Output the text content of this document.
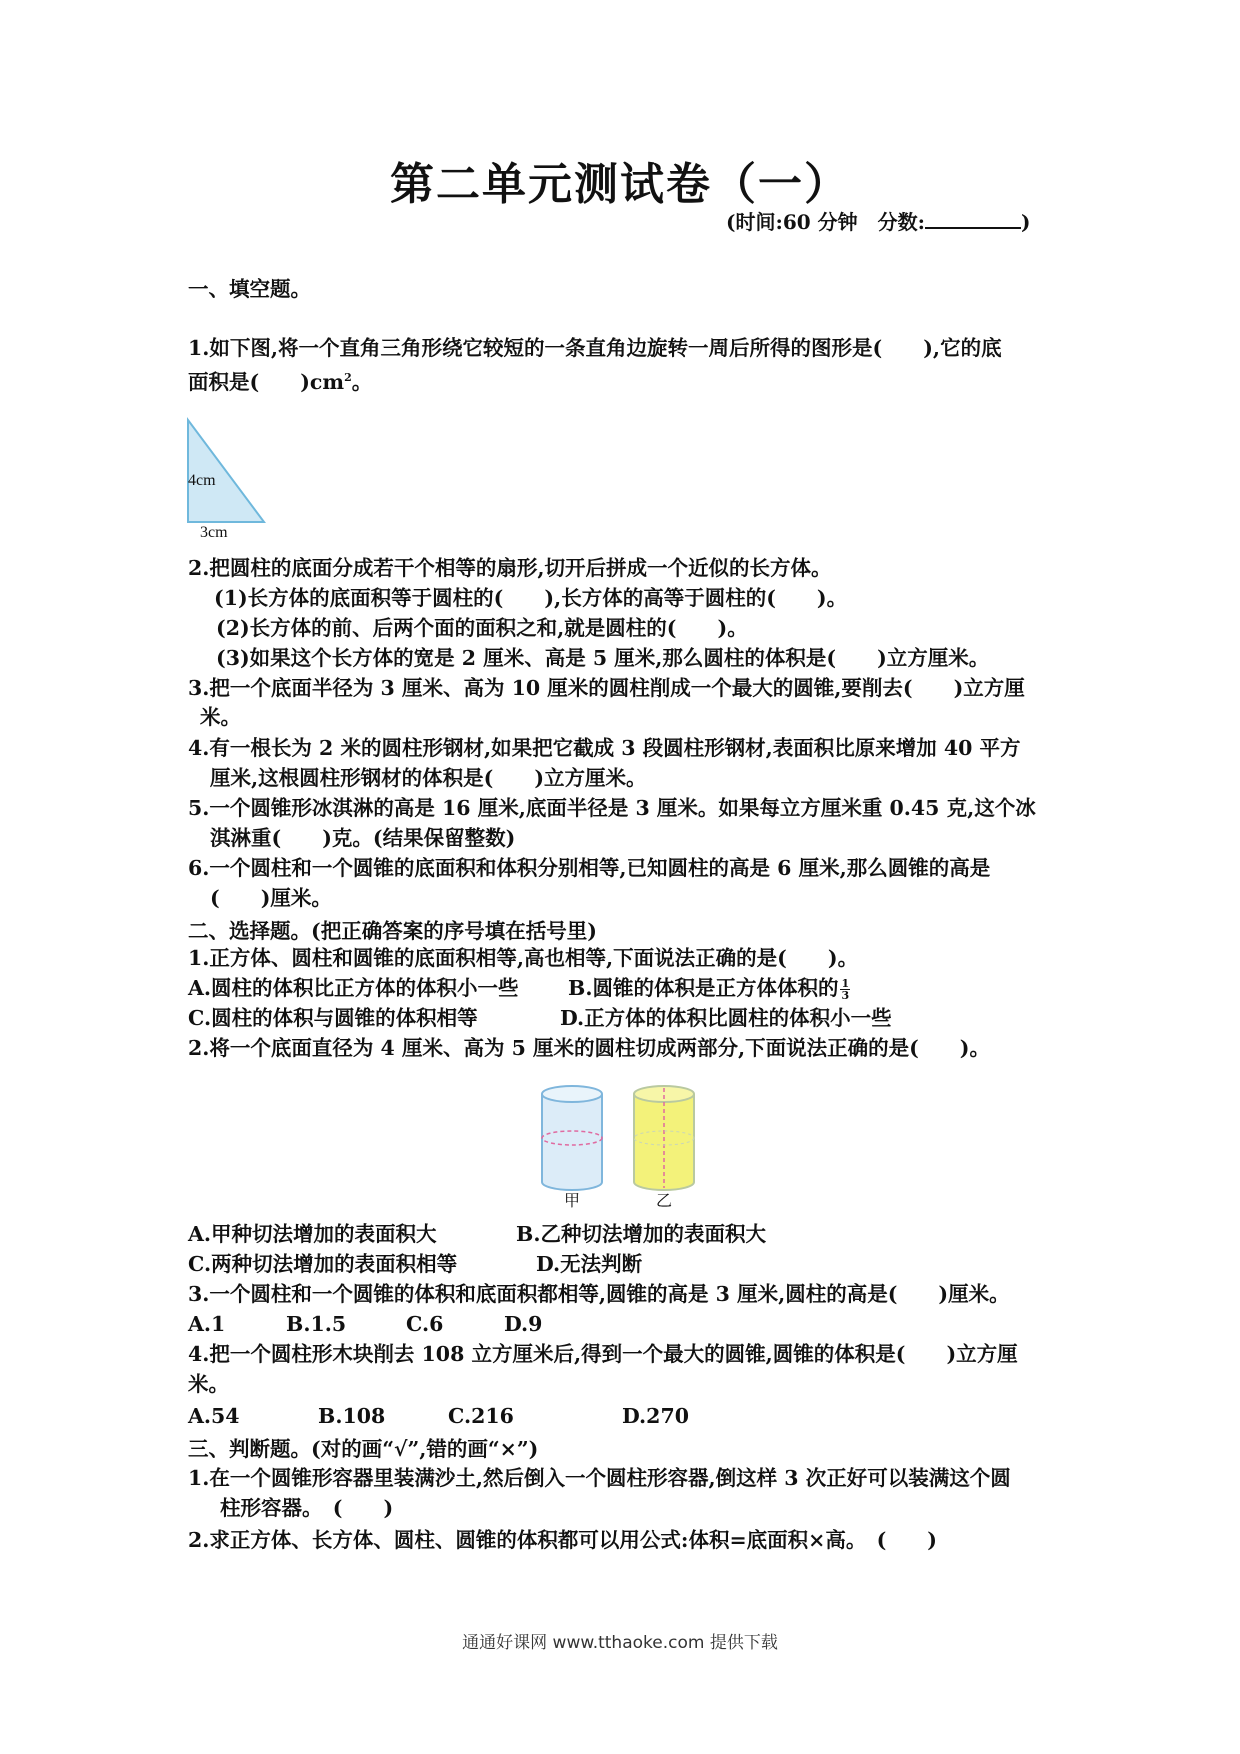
第二单元测试卷（一）
(时间:60 分钟　分数:	)
一、填空题。
1.如下图,将一个直角三角形绕它较短的一条直角边旋转一周后所得的图形是(　　),它的底
面积是(　　)$cm^2$。
4cm
3cm
2.把圆柱的底面分成若干个相等的扇形,切开后拼成一个近似的长方体。
(1)长方体的底面积等于圆柱的(　　),长方体的高等于圆柱的(　　)。
(2)长方体的前、后两个面的面积之和,就是圆柱的(　　)。
(3)如果这个长方体的宽是 2 厘米、高是 5 厘米,那么圆柱的体积是(　　)立方厘米。
3.把一个底面半径为 3 厘米、高为 10 厘米的圆柱削成一个最大的圆锥,要削去(　　)立方厘
米。
4.有一根长为 2 米的圆柱形钢材,如果把它截成 3 段圆柱形钢材,表面积比原来增加 40 平方
厘米,这根圆柱形钢材的体积是(　　)立方厘米。
5.一个圆锥形冰淇淋的高是 16 厘米,底面半径是 3 厘米。如果每立方厘米重 0.45 克,这个冰
淇淋重(　　)克。(结果保留整数)
6.一个圆柱和一个圆锥的底面积和体积分别相等,已知圆柱的高是 6 厘米,那么圆锥的高是
(　　)厘米。
二、选择题。(把正确答案的序号填在括号里)
1.正方体、圆柱和圆锥的底面积相等,高也相等,下面说法正确的是(　　)。
A.圆柱的体积比正方体的体积小一些 B.圆锥的体积是正方体体积的 $\frac{1}{3}$
C.圆柱的体积与圆锥的体积相等	D.正方体的体积比圆柱的体积小一些
2.将一个底面直径为 4 厘米、高为 5 厘米的圆柱切成两部分,下面说法正确的是(　　)。
甲	乙
A.甲种切法增加的表面积大	B.乙种切法增加的表面积大
C.两种切法增加的表面积相等	D.无法判断
3.一个圆柱和一个圆锥的体积和底面积都相等,圆锥的高是 3 厘米,圆柱的高是(　　)厘米。
A.1	B.1.5	C.6	D.9
4.把一个圆柱形木块削去 108 立方厘米后,得到一个最大的圆锥,圆锥的体积是(　　)立方厘
米。
A.54	B.108	C.216	D.270
三、判断题。(对的画“√”,错的画“×”)
1.在一个圆锥形容器里装满沙土,然后倒入一个圆柱形容器,倒这样 3 次正好可以装满这个圆
柱形容器。　(　　)
2.求正方体、长方体、圆柱、圆锥的体积都可以用公式:体积=底面积×高。　(　　)
通通好课网 www.tthaoke.com 提供下载
